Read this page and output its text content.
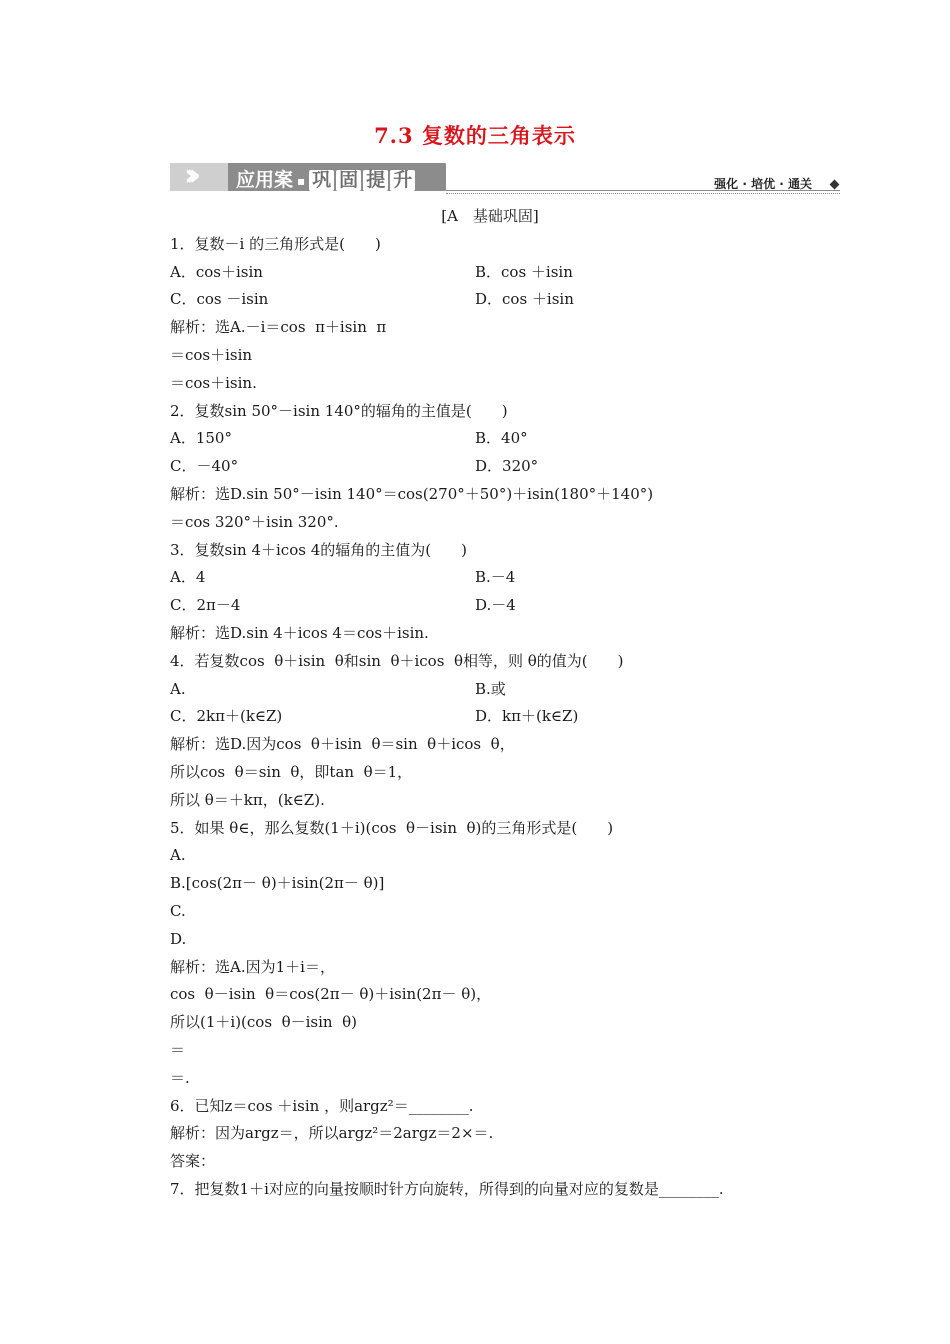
7.3 复数的三角表示
››› 应用案 ▪ 巩 固 提 升	强化 · 培优 · 通关
[A　基础巩固]
1．复数－i 的三角形式是(　　)
A．cos＋isin	B．cos ＋isin
C．cos －isin	D．cos ＋isin
解析：选A.－i＝cos  π＋isin  π
＝cos＋isin
＝cos＋isin.
2．复数sin 50°－isin 140°的辐角的主值是(　　)
A．150°	B．40°
C．－40°	D．320°
解析：选D.sin 50°－isin 140°＝cos(270°＋50°)＋isin(180°＋140°)
＝cos 320°＋isin 320°.
3．复数sin 4＋icos 4的辐角的主值为(　　)
A．4	B.－4
C．2π－4	D.－4
解析：选D.sin 4＋icos 4＝cos＋isin.
4．若复数cos  θ＋isin  θ和sin  θ＋icos  θ相等，则 θ的值为(　　)
A.	B.或
C．2kπ＋(k∈Z)	D．kπ＋(k∈Z)
解析：选D.因为cos  θ＋isin  θ＝sin  θ＋icos  θ，
所以cos  θ＝sin  θ，即tan  θ＝1，
所以 θ＝＋kπ，(k∈Z).
5．如果 θ∈，那么复数(1＋i)(cos  θ－isin  θ)的三角形式是(　　)
A.
B.[cos(2π－ θ)＋isin(2π－ θ)]
C.
D.
解析：选A.因为1＋i＝，
cos  θ－isin  θ＝cos(2π－ θ)＋isin(2π－ θ)，
所以(1＋i)(cos  θ－isin  θ)
＝
＝.
6．已知z＝cos ＋isin ，则argz²＝________.
解析：因为argz＝，所以argz²＝2argz＝2×＝.
答案：
7．把复数1＋i对应的向量按顺时针方向旋转，所得到的向量对应的复数是________.
